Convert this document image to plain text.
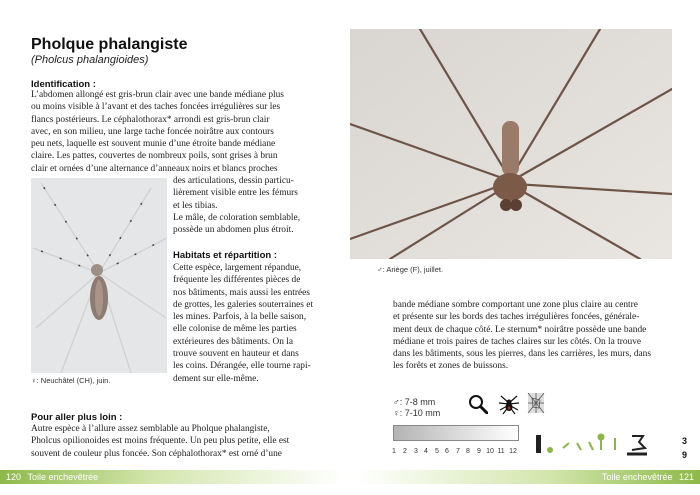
Pholque phalangiste
(Pholcus phalangioides)
Identification :
L’abdomen allongé est gris-brun clair avec une bande médiane plus
ou moins visible à l’avant et des taches foncées irrégulières sur les
flancs postérieurs. Le céphalothorax* arrondi est gris-brun clair
avec, en son milieu, une large tache foncée noirâtre aux contours
peu nets, laquelle est souvent munie d’une étroite bande médiane
claire. Les pattes, couvertes de nombreux poils, sont grises à brun
clair et ornées d’une alternance d’anneaux noirs et blancs proches
des articulations, dessin particu-
lièrement visible entre les fémurs
et les tibias.
Le mâle, de coloration semblable,
possède un abdomen plus étroit.
Habitats et répartition :
Cette espèce, largement répandue,
fréquente les différentes pièces de
nos bâtiments, mais aussi les entrées
de grottes, les galeries souterraines et
les mines. Parfois, à la belle saison,
elle colonise de même les parties
extérieures des bâtiments. On la
trouve souvent en hauteur et dans
les coins. Dérangée, elle tourne rapi-
dement sur elle-même.
♀: Neuchâtel (CH), juin.
Pour aller plus loin :
Autre espèce à l’allure assez semblable au Pholque phalangiste,
Pholcus opilionoides est moins fréquente. Un peu plus petite, elle est
souvent de couleur plus foncée. Son céphalothorax* est orné d’une
120 Toile enchevêtrée
♂: Ariège (F), juillet.
bande médiane sombre comportant une zone plus claire au centre
et présente sur les bords des taches irrégulières foncées, générale-
ment deux de chaque côté. Le sternum* noirâtre possède une bande
médiane et trois paires de taches claires sur les côtés. On la trouve
dans les bâtiments, sous les pierres, dans les carrières, les murs, dans
les forêts et zones de buissons.
♂: 7-8 mm
♀: 7-10 mm
1	2	3 4	5 6	7 8	9 10 11 12
3
9
Toile enchevêtrée 121
